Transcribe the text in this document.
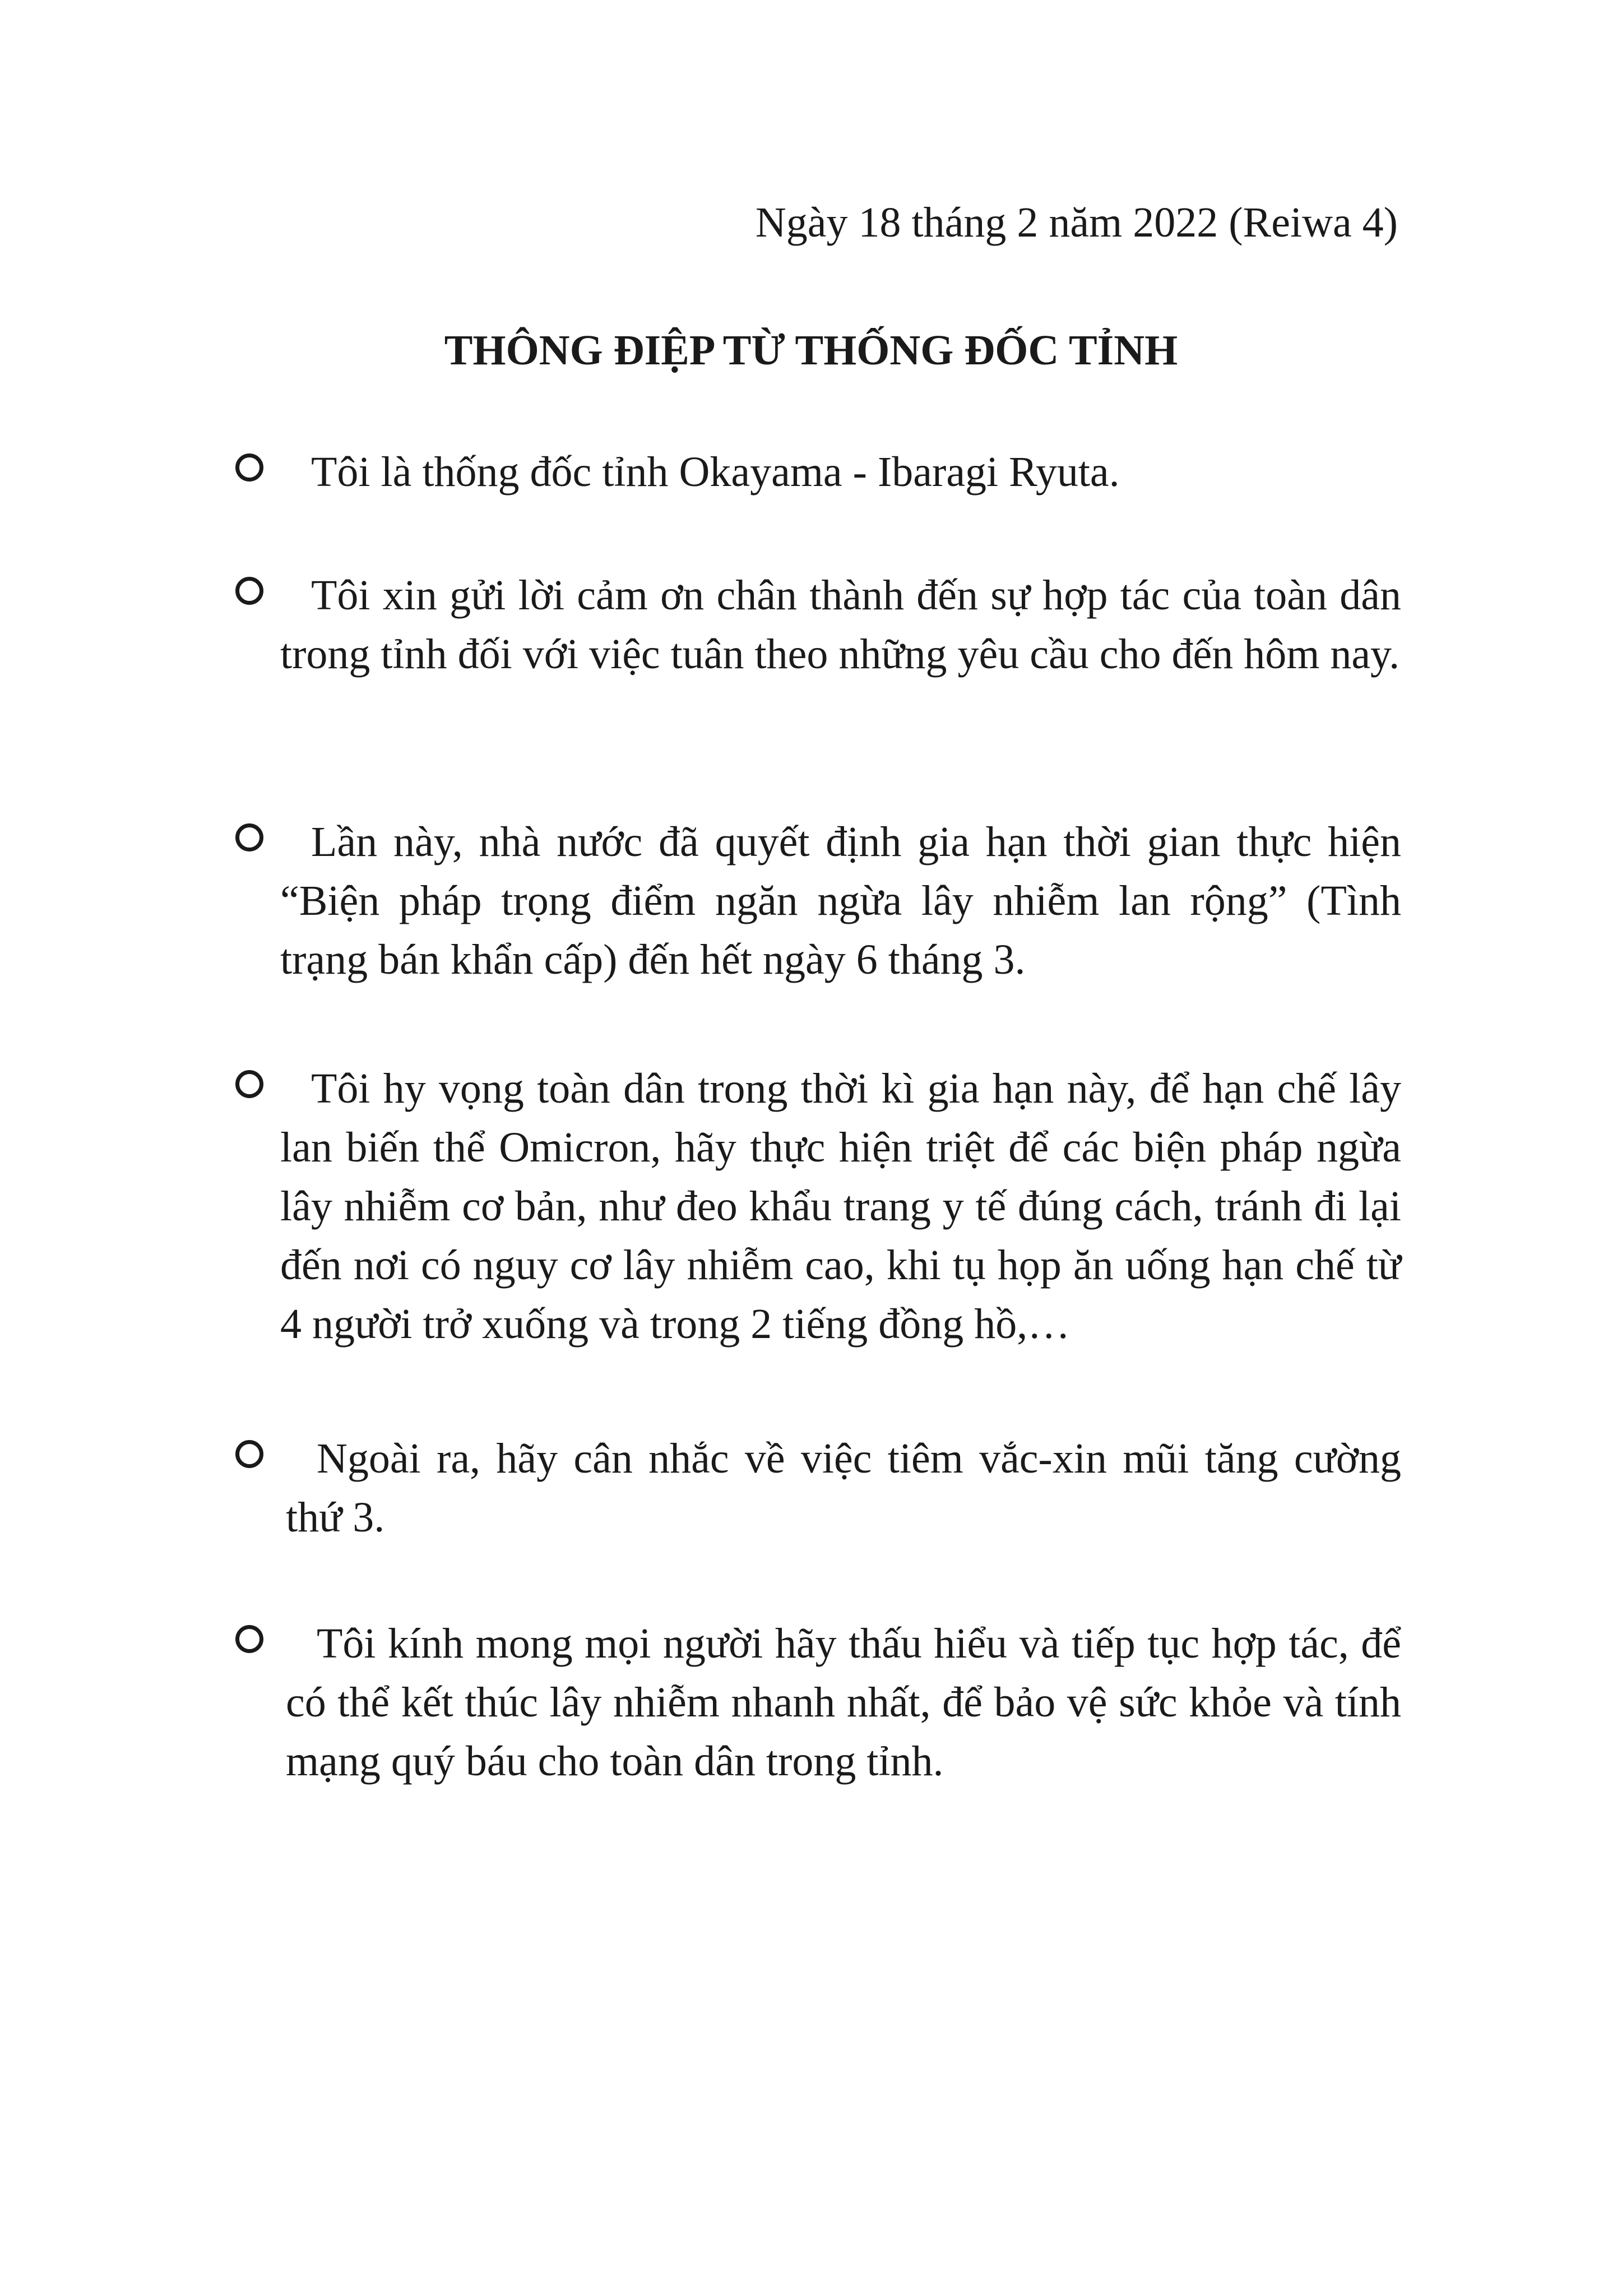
Ngày 18 tháng 2 năm 2022 (Reiwa 4)
THÔNG ĐIỆP TỪ THỐNG ĐỐC TỈNH
Tôi là thống đốc tỉnh Okayama - Ibaragi Ryuta.
Tôi xin gửi lời cảm ơn chân thành đến sự hợp tác của toàn dân trong tỉnh đối với việc tuân theo những yêu cầu cho đến hôm nay.
Lần này, nhà nước đã quyết định gia hạn thời gian thực hiện “Biện pháp trọng điểm ngăn ngừa lây nhiễm lan rộng” (Tình trạng bán khẩn cấp) đến hết ngày 6 tháng 3.
Tôi hy vọng toàn dân trong thời kì gia hạn này, để hạn chế lây lan biến thể Omicron, hãy thực hiện triệt để các biện pháp ngừa lây nhiễm cơ bản, như đeo khẩu trang y tế đúng cách, tránh đi lại đến nơi có nguy cơ lây nhiễm cao, khi tụ họp ăn uống hạn chế từ 4 người trở xuống và trong 2 tiếng đồng hồ,…
Ngoài ra, hãy cân nhắc về việc tiêm vắc-xin mũi tăng cường thứ 3.
Tôi kính mong mọi người hãy thấu hiểu và tiếp tục hợp tác, để có thể kết thúc lây nhiễm nhanh nhất, để bảo vệ sức khỏe và tính mạng quý báu cho toàn dân trong tỉnh.
